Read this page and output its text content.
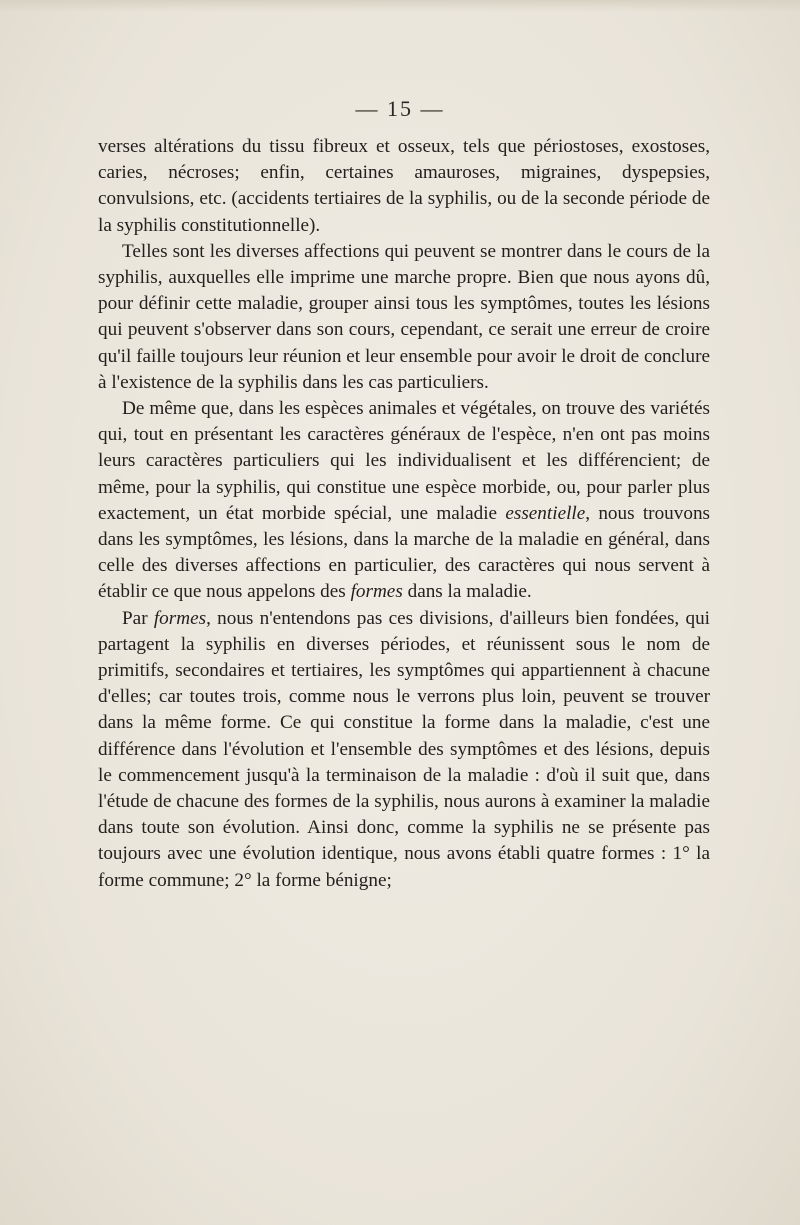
— 15 —

verses altérations du tissu fibreux et osseux, tels que périostoses, exostoses, caries, nécroses; enfin, certaines amauroses, migraines, dyspepsies, convulsions, etc. (accidents tertiaires de la syphilis, ou de la seconde période de la syphilis constitutionnelle).

Telles sont les diverses affections qui peuvent se montrer dans le cours de la syphilis, auxquelles elle imprime une marche propre. Bien que nous ayons dû, pour définir cette maladie, grouper ainsi tous les symptômes, toutes les lésions qui peuvent s'observer dans son cours, cependant, ce serait une erreur de croire qu'il faille toujours leur réunion et leur ensemble pour avoir le droit de conclure à l'existence de la syphilis dans les cas particuliers.

De même que, dans les espèces animales et végétales, on trouve des variétés qui, tout en présentant les caractères généraux de l'espèce, n'en ont pas moins leurs caractères particuliers qui les individualisent et les différencient; de même, pour la syphilis, qui constitue une espèce morbide, ou, pour parler plus exactement, un état morbide spécial, une maladie essentielle, nous trouvons dans les symptômes, les lésions, dans la marche de la maladie en général, dans celle des diverses affections en particulier, des caractères qui nous servent à établir ce que nous appelons des formes dans la maladie.

Par formes, nous n'entendons pas ces divisions, d'ailleurs bien fondées, qui partagent la syphilis en diverses périodes, et réunissent sous le nom de primitifs, secondaires et tertiaires, les symptômes qui appartiennent à chacune d'elles; car toutes trois, comme nous le verrons plus loin, peuvent se trouver dans la même forme. Ce qui constitue la forme dans la maladie, c'est une différence dans l'évolution et l'ensemble des symptômes et des lésions, depuis le commencement jusqu'à la terminaison de la maladie : d'où il suit que, dans l'étude de chacune des formes de la syphilis, nous aurons à examiner la maladie dans toute son évolution. Ainsi donc, comme la syphilis ne se présente pas toujours avec une évolution identique, nous avons établi quatre formes : 1° la forme commune; 2° la forme bénigne;
